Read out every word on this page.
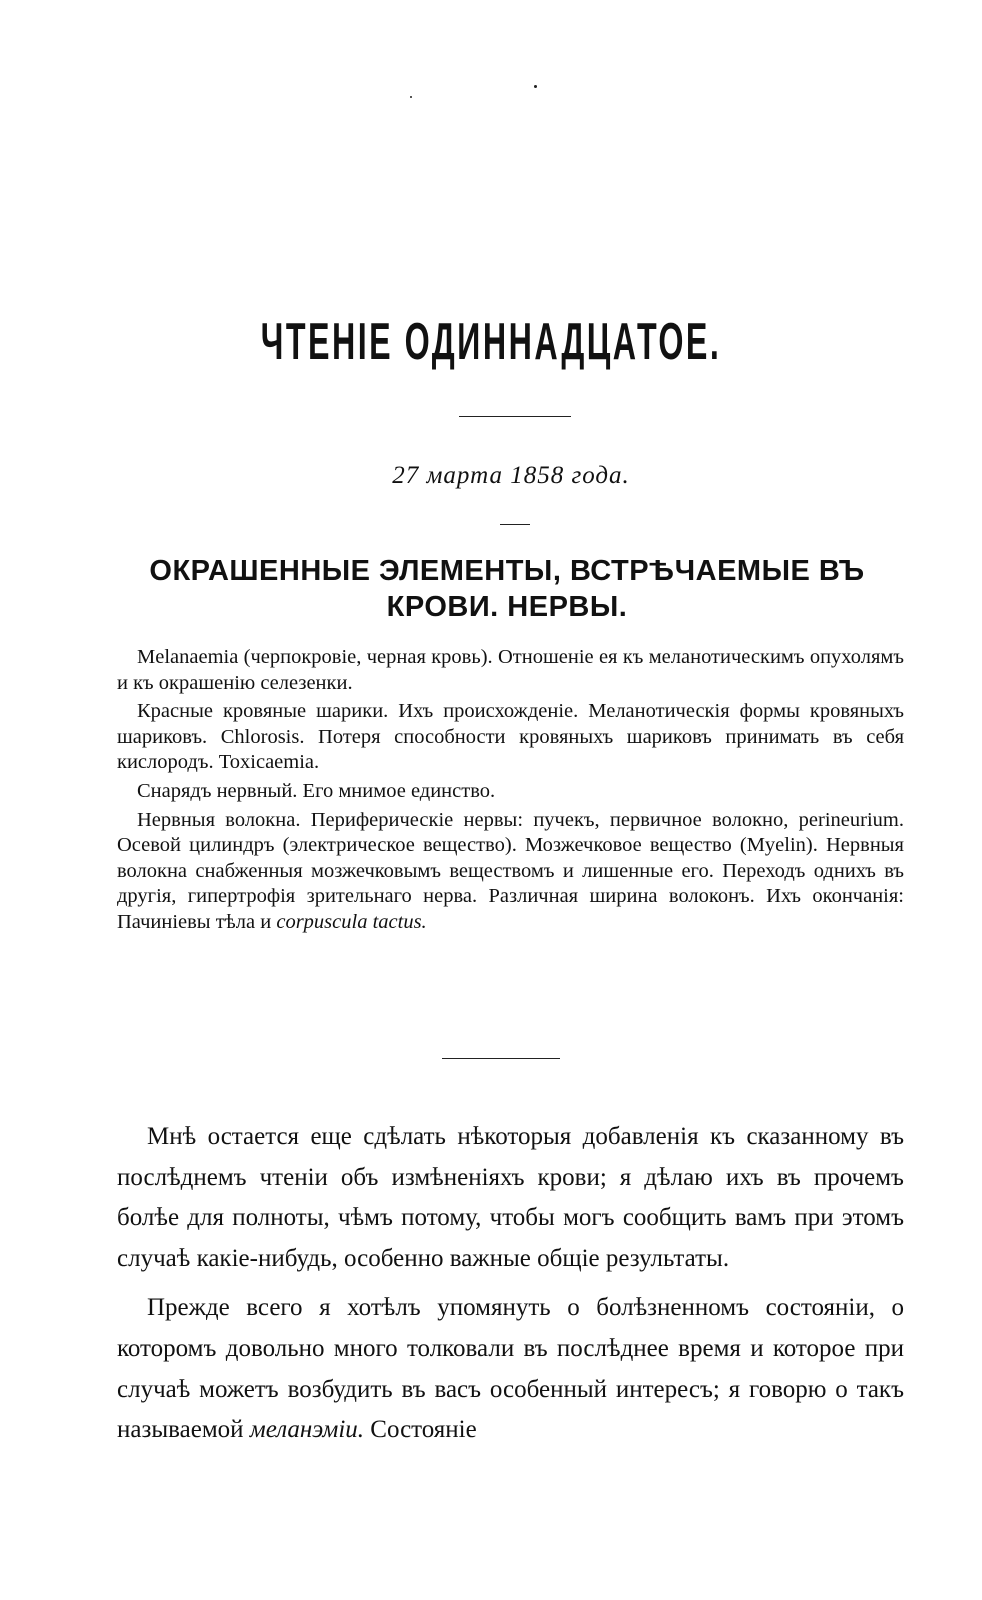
ЧТЕНІЕ ОДИННАДЦАТОЕ.
27 марта 1858 года.
ОКРАШЕННЫЕ ЭЛЕМЕНТЫ, ВСТРѢЧАЕМЫЕ ВЪ КРОВИ. НЕРВЫ.

Melanaemia (черпокровіе, черная кровь). Отношеніе ея къ меланотическимъ опухолямъ и къ окрашенію селезенки.

Красные кровяные шарики. Ихъ происхожденіе. Меланотическія формы кровяныхъ шариковъ. Chlorosis. Потеря способности кровяныхъ шариковъ принимать въ себя кислородъ. Toxicaemia.

Снарядъ нервный. Его мнимое единство.

Нервныя волокна. Периферическіе нервы: пучекъ, первичное волокно, perineurium. Осевой цилиндръ (электрическое вещество). Мозжечковое вещество (Myelin). Нервныя волокна снабженныя мозжечковымъ веществомъ и лишенные его. Переходъ однихъ въ другія, гипертрофія зрительнаго нерва. Различная ширина волоконъ. Ихъ окончанія: Пачиніевы тѣла и corpuscula tactus.

Мнѣ остается еще сдѣлать нѣкоторыя добавленія къ сказанному въ послѣднемъ чтеніи объ измѣненіяхъ крови; я дѣлаю ихъ въ прочемъ болѣе для полноты, чѣмъ потому, чтобы могъ сообщить вамъ при этомъ случаѣ какіе-нибудь, особенно важные общіе результаты.

Прежде всего я хотѣлъ упомянуть о болѣзненномъ состояніи, о которомъ довольно много толковали въ послѣднее время и которое при случаѣ можетъ возбудить въ васъ особенный интересъ; я говорю о такъ называемой меланэміи. Состояніе
